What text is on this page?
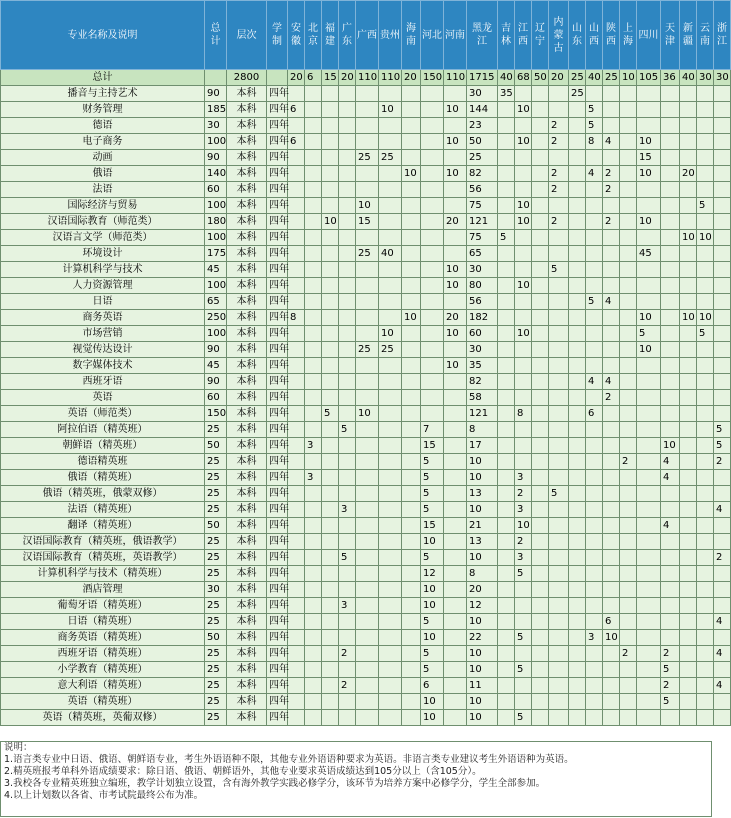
专业名称及说明	总计	层次	学制	安徽	北京	福建	广东	广西	贵州	海南	河北	河南	黑龙江	吉林	江西	辽宁	内蒙古	山东	山西	陕西	上海	四川	天津	新疆	云南	浙江
总计		2800		20	6	15	20	110	110	20	150	110	1715	40	68	50	20	25	40	25	10	105	36	40	30	30
播音与主持艺术	90	本科	四年										30	35				25								
财务管理	185	本科	四年	6					10			10	144		10				5							
德语	30	本科	四年										23				2		5							
电子商务	100	本科	四年	6								10	50		10		2		8	4		10				
动画	90	本科	四年					25	25				25									15				
俄语	140	本科	四年							10		10	82				2		4	2		10		20		
法语	60	本科	四年										56				2			2						
国际经济与贸易	100	本科	四年					10					75		10										5	
汉语国际教育（师范类）	180	本科	四年			10		15				20	121		10		2			2		10				
汉语言文学（师范类）	100	本科	四年										75	5										10	10	
环境设计	175	本科	四年					25	40				65									45				
计算机科学与技术	45	本科	四年									10	30				5									
人力资源管理	100	本科	四年									10	80		10											
日语	65	本科	四年										56						5	4						
商务英语	250	本科	四年	8						10		20	182									10		10	10	
市场营销	100	本科	四年						10			10	60		10							5			5	
视觉传达设计	90	本科	四年					25	25				30									10				
数字媒体技术	45	本科	四年									10	35													
西班牙语	90	本科	四年										82						4	4						
英语	60	本科	四年										58							2						
英语（师范类）	150	本科	四年			5		10					121		8				6							
阿拉伯语（精英班）	25	本科	四年				5				7		8													5
朝鲜语（精英班）	50	本科	四年		3						15		17										10			5
德语精英班	25	本科	四年								5		10								2		4			2
俄语（精英班）	25	本科	四年		3						5		10		3								4			
俄语（精英班，俄蒙双修）	25	本科	四年								5		13		2		5									
法语（精英班）	25	本科	四年				3				5		10		3											4
翻译（精英班）	50	本科	四年								15		21		10								4			
汉语国际教育（精英班，俄语教学）	25	本科	四年								10		13		2											
汉语国际教育（精英班，英语教学）	25	本科	四年				5				5		10		3											2
计算机科学与技术（精英班）	25	本科	四年								12		8		5											
酒店管理	30	本科	四年								10		20													
葡萄牙语（精英班）	25	本科	四年				3				10		12													
日语（精英班）	25	本科	四年								5		10							6						4
商务英语（精英班）	50	本科	四年								10		22		5				3	10						
西班牙语（精英班）	25	本科	四年				2				5		10								2		2			4
小学教育（精英班）	25	本科	四年								5		10		5								5			
意大利语（精英班）	25	本科	四年				2				6		11										2			4
英语（精英班）	25	本科	四年								10		10										5			
英语（精英班，英葡双修）	25	本科	四年								10		10		5											
说明：
1.语言类专业中日语、俄语、朝鲜语专业，考生外语语种不限，其他专业外语语种要求为英语。非语言类专业建议考生外语语种为英语。
2.精英班报考单科外语成绩要求：除日语、俄语、朝鲜语外，其他专业要求英语成绩达到105分以上（含105分）。
3.我校各专业精英班独立编班，教学计划独立设置，含有海外教学实践必修学分，该环节为培养方案中必修学分，学生全部参加。
4.以上计划数以各省、市考试院最终公布为准。
